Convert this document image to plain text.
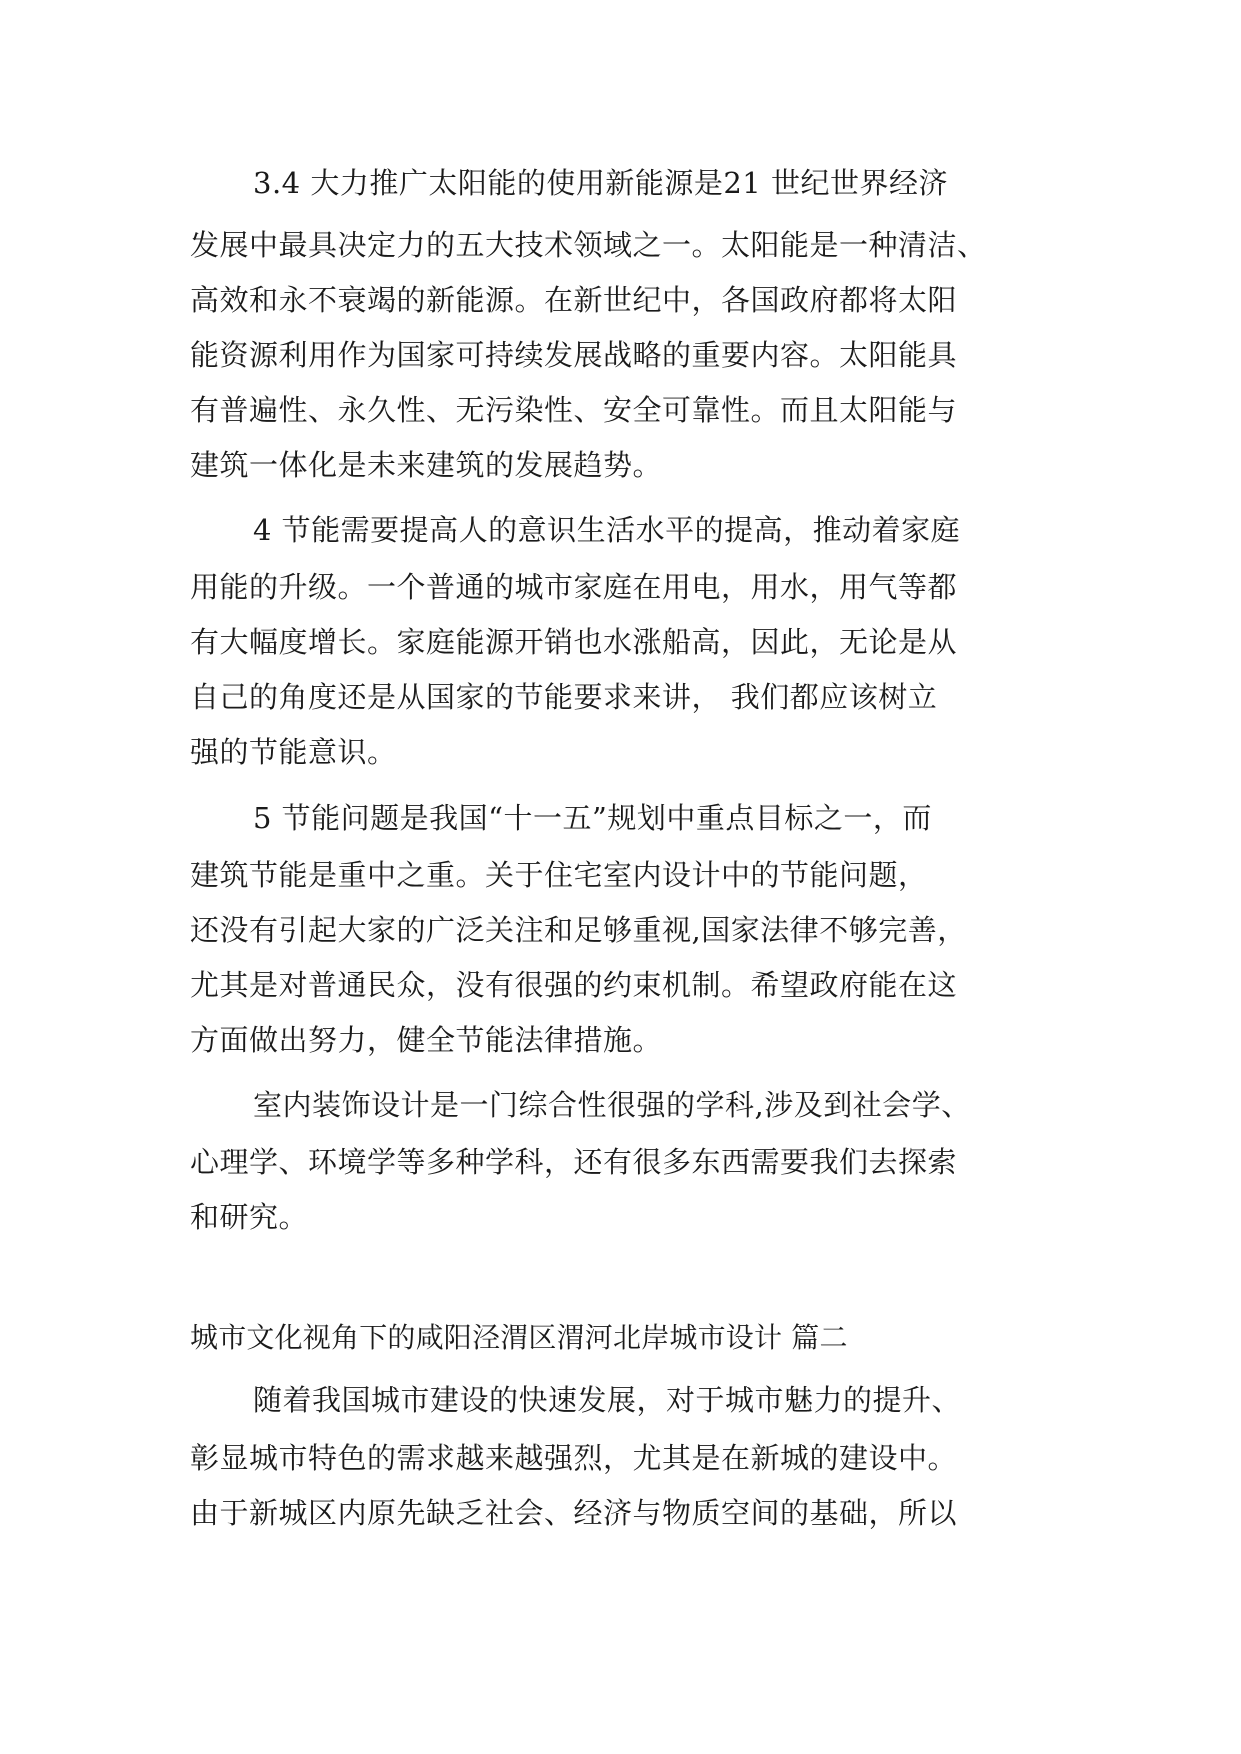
3.4 大力推广太阳能的使用新能源是21 世纪世界经济
发展中最具决定力的五大技术领域之一。太阳能是一种清洁、
高效和永不衰竭的新能源。在新世纪中，各国政府都将太阳
能资源利用作为国家可持续发展战略的重要内容。太阳能具
有普遍性、永久性、无污染性、安全可靠性。而且太阳能与
建筑一体化是未来建筑的发展趋势。
4 节能需要提高人的意识生活水平的提高，推动着家庭
用能的升级。一个普通的城市家庭在用电，用水，用气等都
有大幅度增长。家庭能源开销也水涨船高，因此，无论是从
自己的角度还是从国家的节能要求来讲， 我们都应该树立
强的节能意识。
5 节能问题是我国“十一五”规划中重点目标之一，而
建筑节能是重中之重。关于住宅室内设计中的节能问题，
还没有引起大家的广泛关注和足够重视,国家法律不够完善，
尤其是对普通民众，没有很强的约束机制。希望政府能在这
方面做出努力，健全节能法律措施。
室内装饰设计是一门综合性很强的学科,涉及到社会学、
心理学、环境学等多种学科，还有很多东西需要我们去探索
和研究。
城市文化视角下的咸阳泾渭区渭河北岸城市设计 篇二
随着我国城市建设的快速发展，对于城市魅力的提升、
彰显城市特色的需求越来越强烈，尤其是在新城的建设中。
由于新城区内原先缺乏社会、经济与物质空间的基础，所以
